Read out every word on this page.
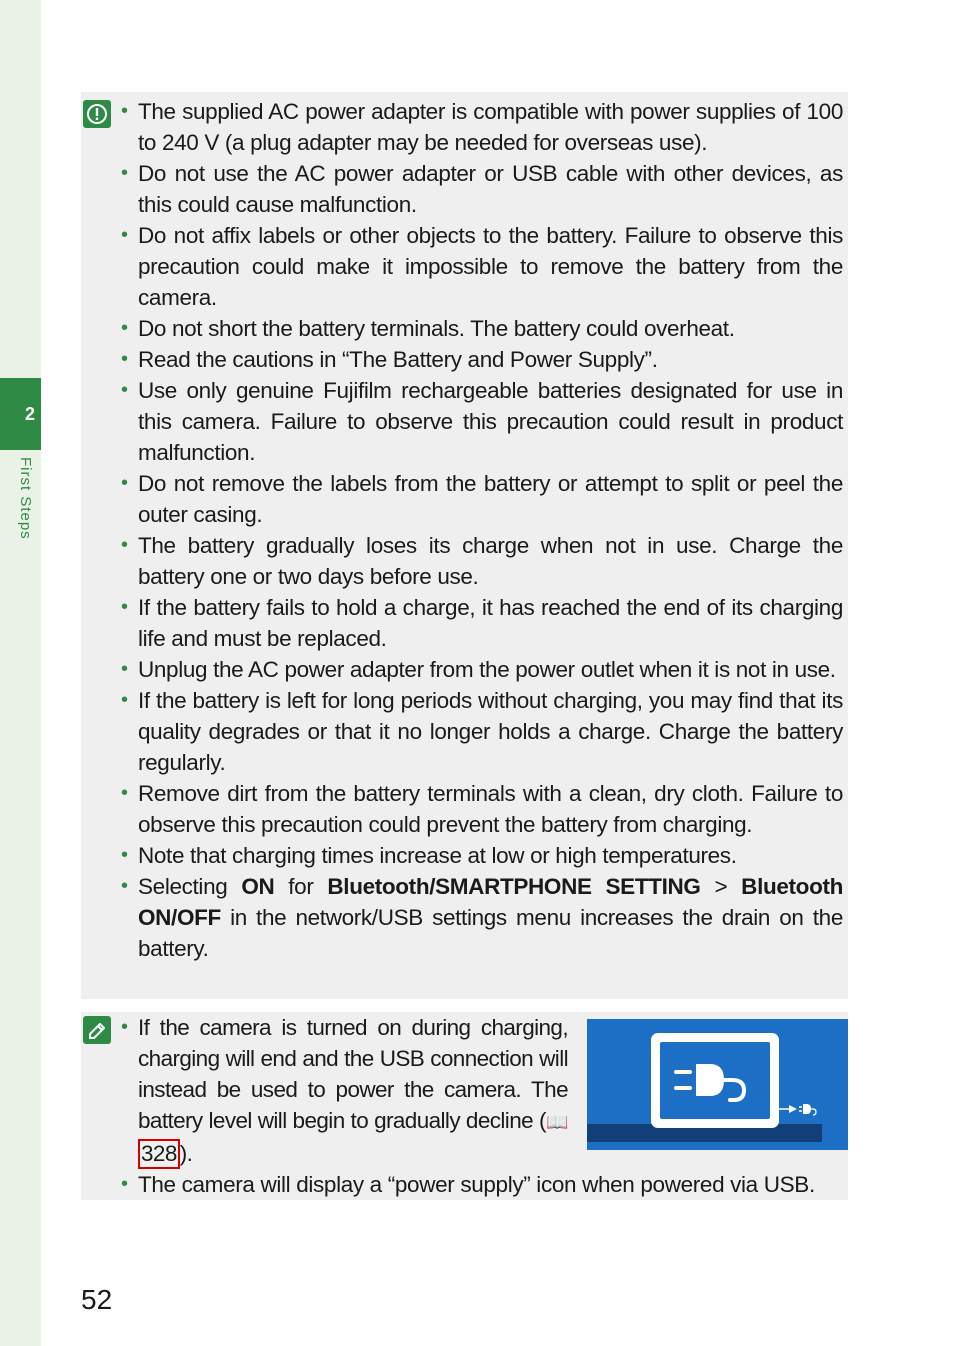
2
First Steps
• The supplied AC power adapter is compatible with power supplies of 100 to 240 V (a plug adapter may be needed for overseas use).
• Do not use the AC power adapter or USB cable with other devices, as this could cause malfunction.
• Do not affix labels or other objects to the battery. Failure to observe this precaution could make it impossible to remove the battery from the camera.
• Do not short the battery terminals. The battery could overheat.
• Read the cautions in “The Battery and Power Supply”.
• Use only genuine Fujifilm rechargeable batteries designated for use in this camera. Failure to observe this precaution could result in product malfunction.
• Do not remove the labels from the battery or attempt to split or peel the outer casing.
• The battery gradually loses its charge when not in use. Charge the battery one or two days before use.
• If the battery fails to hold a charge, it has reached the end of its charging life and must be replaced.
• Unplug the AC power adapter from the power outlet when it is not in use.
• If the battery is left for long periods without charging, you may find that its quality degrades or that it no longer holds a charge. Charge the battery regularly.
• Remove dirt from the battery terminals with a clean, dry cloth. Failure to observe this precaution could prevent the battery from charging.
• Note that charging times increase at low or high temperatures.
• Selecting ON for Bluetooth/SMARTPHONE SETTING > Bluetooth ON/OFF in the network/USB settings menu increases the drain on the battery.
• If the camera is turned on during charging, charging will end and the USB connection will instead be used to power the camera. The battery level will begin to gradually decline (📖 328 ).
• The camera will display a “power supply” icon when powered via USB.
52
